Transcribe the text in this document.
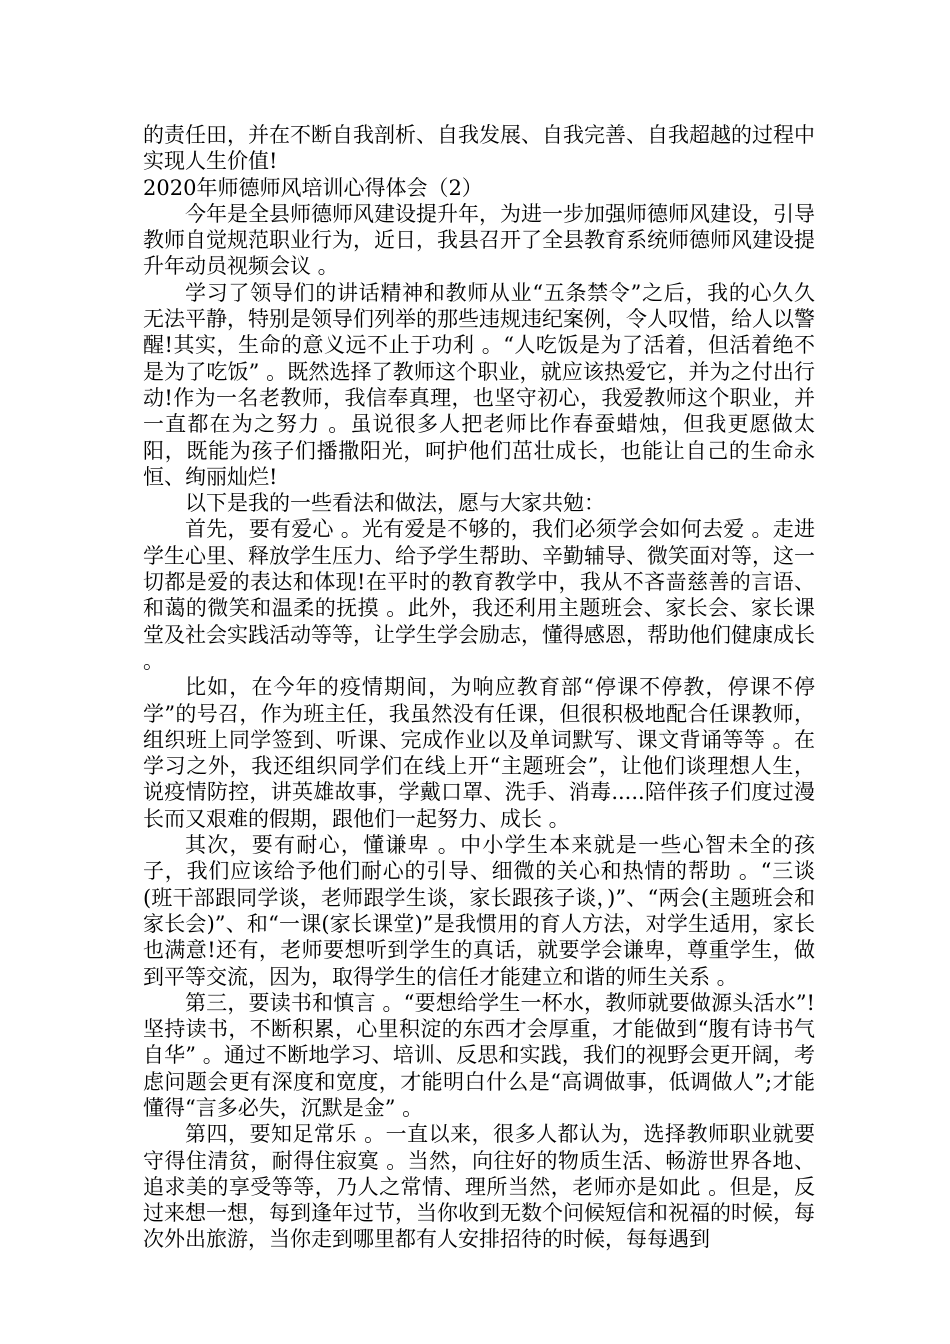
的责任田，并在不断自我剖析、自我发展、自我完善、自我超越的过程中实现人生价值!

2020年师德师风培训心得体会（2）

今年是全县师德师风建设提升年，为进一步加强师德师风建设，引导教师自觉规范职业行为，近日，我县召开了全县教育系统师德师风建设提升年动员视频会议 。

学习了领导们的讲话精神和教师从业“五条禁令”之后，我的心久久无法平静，特别是领导们列举的那些违规违纪案例，令人叹惜，给人以警醒!其实，生命的意义远不止于功利 。“人吃饭是为了活着，但活着绝不是为了吃饭” 。既然选择了教师这个职业，就应该热爱它，并为之付出行动!作为一名老教师，我信奉真理，也坚守初心，我爱教师这个职业，并一直都在为之努力 。虽说很多人把老师比作春蚕蜡烛，但我更愿做太阳，既能为孩子们播撒阳光，呵护他们茁壮成长，也能让自己的生命永恒、绚丽灿烂!

以下是我的一些看法和做法，愿与大家共勉：

首先，要有爱心 。光有爱是不够的，我们必须学会如何去爱 。走进学生心里、释放学生压力、给予学生帮助、辛勤辅导、微笑面对等，这一切都是爱的表达和体现!在平时的教育教学中，我从不吝啬慈善的言语、和蔼的微笑和温柔的抚摸 。此外，我还利用主题班会、家长会、家长课堂及社会实践活动等等，让学生学会励志，懂得感恩，帮助他们健康成长 。

比如，在今年的疫情期间，为响应教育部“停课不停教，停课不停学”的号召，作为班主任，我虽然没有任课，但很积极地配合任课教师，组织班上同学签到、听课、完成作业以及单词默写、课文背诵等等 。在学习之外，我还组织同学们在线上开“主题班会”，让他们谈理想人生，说疫情防控，讲英雄故事，学戴口罩、洗手、消毒.....陪伴孩子们度过漫长而又艰难的假期，跟他们一起努力、成长 。

其次，要有耐心，懂谦卑 。中小学生本来就是一些心智未全的孩子，我们应该给予他们耐心的引导、细微的关心和热情的帮助 。“三谈(班干部跟同学谈，老师跟学生谈，家长跟孩子谈，)”、“两会(主题班会和家长会)”、和“一课(家长课堂)”是我惯用的育人方法，对学生适用，家长也满意!还有，老师要想听到学生的真话，就要学会谦卑，尊重学生，做到平等交流，因为，取得学生的信任才能建立和谐的师生关系 。

第三，要读书和慎言 。“要想给学生一杯水，教师就要做源头活水”!坚持读书，不断积累，心里积淀的东西才会厚重，才能做到“腹有诗书气自华” 。通过不断地学习、培训、反思和实践，我们的视野会更开阔，考虑问题会更有深度和宽度，才能明白什么是“高调做事，低调做人”;才能懂得“言多必失，沉默是金” 。

第四，要知足常乐 。一直以来，很多人都认为，选择教师职业就要守得住清贫，耐得住寂寞 。当然，向往好的物质生活、畅游世界各地、追求美的享受等等，乃人之常情、理所当然，老师亦是如此 。但是，反过来想一想，每到逢年过节，当你收到无数个问候短信和祝福的时候，每次外出旅游，当你走到哪里都有人安排招待的时候，每每遇到
